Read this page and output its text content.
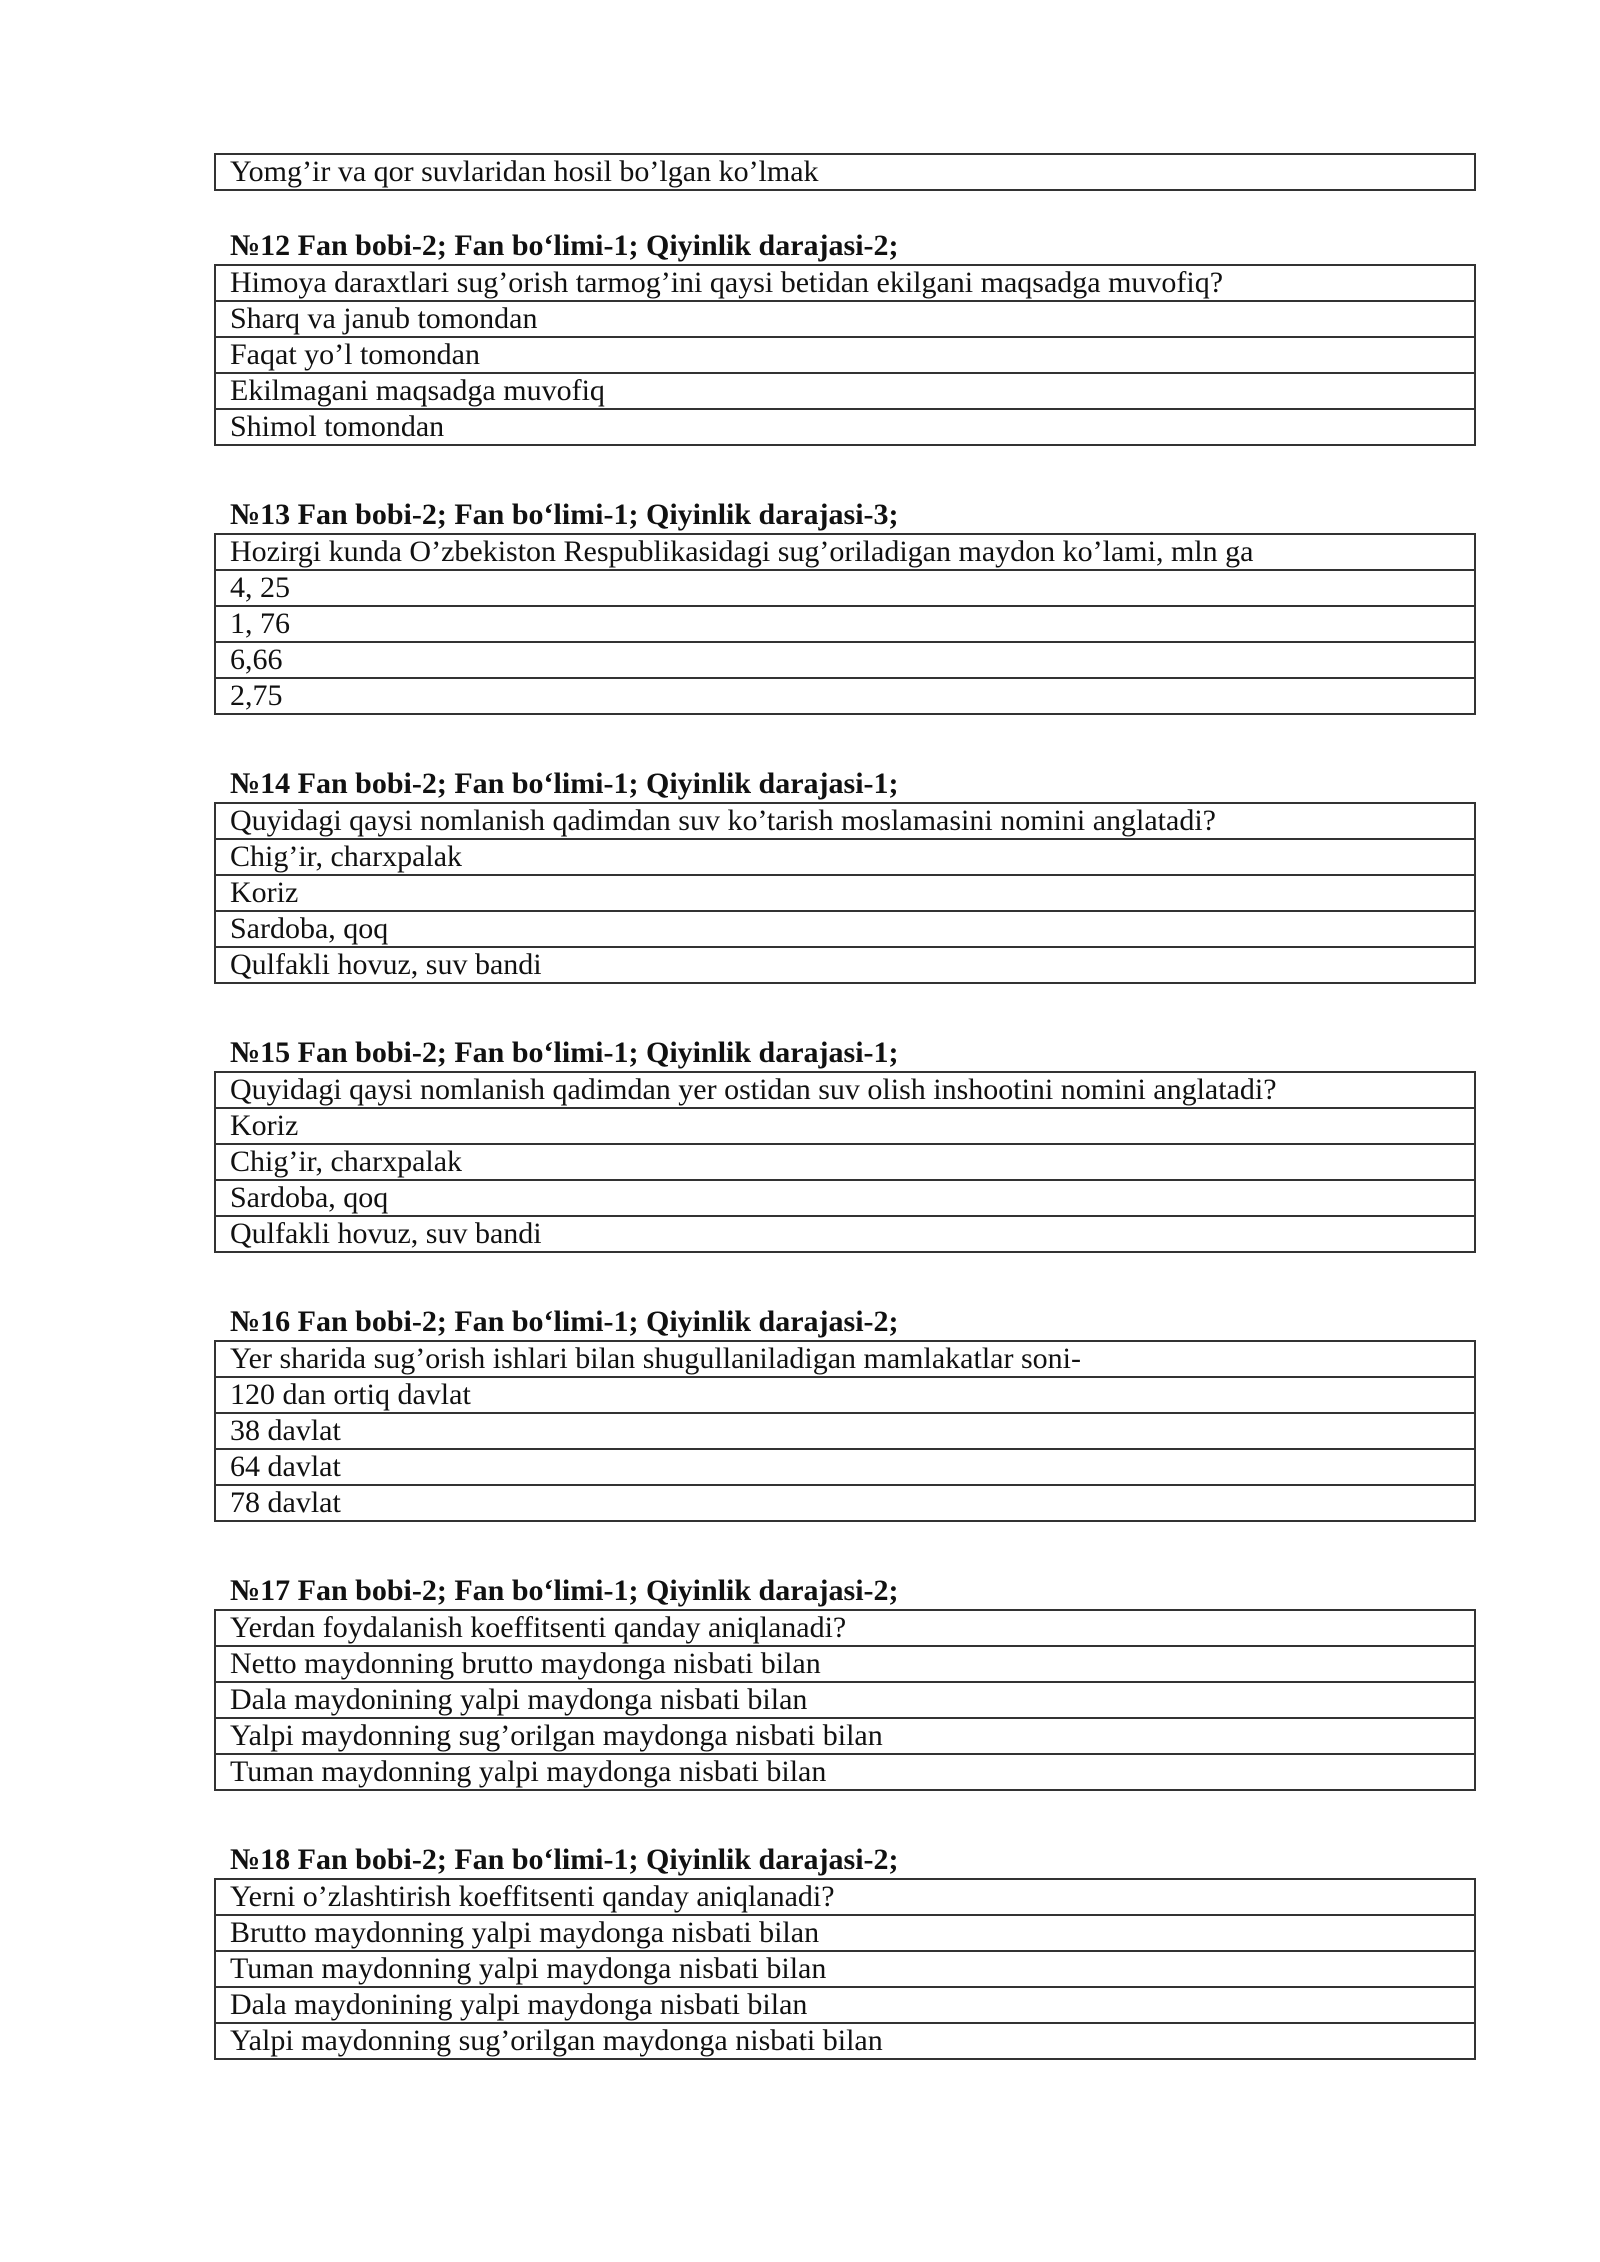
Yomg’ir va qor suvlaridan hosil bo’lgan ko’lmak
№12 Fan bobi-2; Fan bo‘limi-1; Qiyinlik darajasi-2;
Himoya daraxtlari sug’orish tarmog’ini qaysi betidan ekilgani maqsadga muvofiq?
Sharq va janub tomondan
Faqat yo’l tomondan
Ekilmagani maqsadga muvofiq
Shimol tomondan
№13 Fan bobi-2; Fan bo‘limi-1; Qiyinlik darajasi-3;
Hozirgi kunda O’zbekiston Respublikasidagi sug’oriladigan maydon ko’lami, mln ga
4, 25
1, 76
6,66
2,75
№14 Fan bobi-2; Fan bo‘limi-1; Qiyinlik darajasi-1;
Quyidagi qaysi nomlanish qadimdan suv ko’tarish moslamasini nomini anglatadi?
Chig’ir, charxpalak
Koriz
Sardoba, qoq
Qulfakli hovuz, suv bandi
№15 Fan bobi-2; Fan bo‘limi-1; Qiyinlik darajasi-1;
Quyidagi qaysi nomlanish qadimdan yer ostidan suv olish inshootini nomini anglatadi?
Koriz
Chig’ir, charxpalak
Sardoba, qoq
Qulfakli hovuz, suv bandi
№16 Fan bobi-2; Fan bo‘limi-1; Qiyinlik darajasi-2;
Yer sharida sug’orish ishlari bilan shugullaniladigan mamlakatlar soni-
120 dan ortiq davlat
38 davlat
64 davlat
78 davlat
№17 Fan bobi-2; Fan bo‘limi-1; Qiyinlik darajasi-2;
Yerdan foydalanish koeffitsenti qanday aniqlanadi?
Netto maydonning brutto maydonga nisbati bilan
Dala maydonining yalpi maydonga nisbati bilan
Yalpi maydonning sug’orilgan maydonga nisbati bilan
Tuman maydonning yalpi maydonga nisbati bilan
№18 Fan bobi-2; Fan bo‘limi-1; Qiyinlik darajasi-2;
Yerni o’zlashtirish koeffitsenti qanday aniqlanadi?
Brutto maydonning yalpi maydonga nisbati bilan
Tuman maydonning yalpi maydonga nisbati bilan
Dala maydonining yalpi maydonga nisbati bilan
Yalpi maydonning sug’orilgan maydonga nisbati bilan
